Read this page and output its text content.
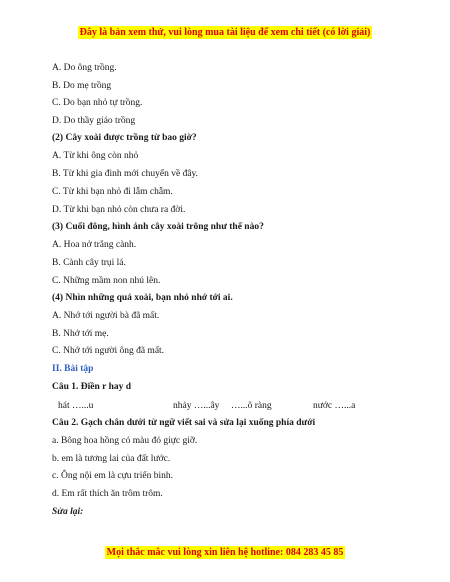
Đây là bản xem thử, vui lòng mua tài liệu để xem chi tiết (có lời giải)
A. Do ông trồng.
B. Do mẹ trồng
C. Do bạn nhỏ tự trồng.
D. Do thầy giáo trồng
(2) Cây xoài được trồng từ bao giờ?
A. Từ khi ông còn nhỏ
B. Từ khi gia đình mới chuyển về đây.
C. Từ khi bạn nhỏ đi lẫm chẫm.
D. Từ khi bạn nhỏ còn chưa ra đời.
(3) Cuối đông, hình ảnh cây xoài trông như thế nào?
A. Hoa nở trắng cành.
B. Cành cây trụi lá.
C. Những mầm non nhú lên.
(4) Nhìn những quả xoài, bạn nhỏ nhớ tới ai.
A. Nhớ tới người bà đã mất.
B. Nhớ tới mẹ.
C. Nhớ tới người ông đã mất.
II. Bài tập
Câu 1. Điền r hay d
hát …...u	nhảy …...ây …...õ ràng	nước …...a
Câu 2. Gạch chân dưới từ ngữ viết sai và sửa lại xuống phía dưới
a. Bông hoa hồng có màu đỏ giực giỡ.
b. em là tương lai của đất lước.
c. Ông nội em là cựu triến binh.
d. Em rất thích ăn trôm trôm.
Sửa lại:
Mọi thắc mắc vui lòng xin liên hệ hotline: 084 283 45 85
